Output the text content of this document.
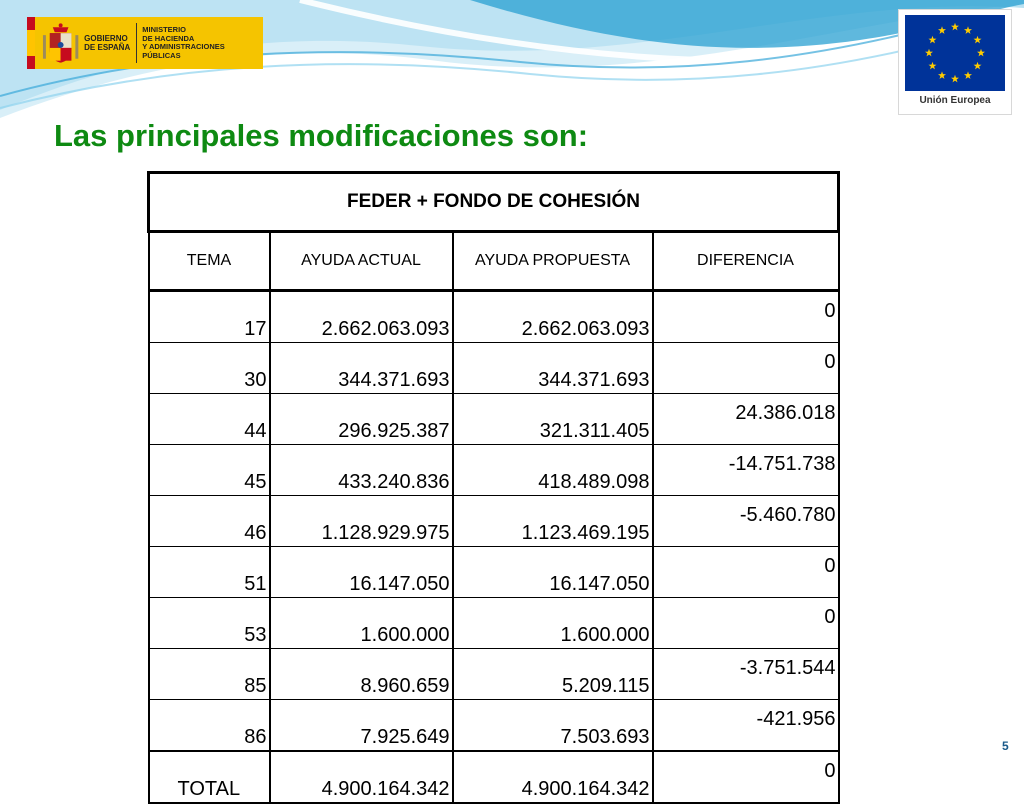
GOBIERNO
DE ESPAÑA
MINISTERIO
DE HACIENDA
Y ADMINISTRACIONES PÚBLICAS
Unión Europea
Las principales modificaciones son:
FEDER + FONDO DE COHESIÓN			
TEMA	AYUDA ACTUAL	AYUDA PROPUESTA	DIFERENCIA
17	2.662.063.093	2.662.063.093	0
30	344.371.693	344.371.693	0
44	296.925.387	321.311.405	24.386.018
45	433.240.836	418.489.098	-14.751.738
46	1.128.929.975	1.123.469.195	-5.460.780
51	16.147.050	16.147.050	0
53	1.600.000	1.600.000	0
85	8.960.659	5.209.115	-3.751.544
86	7.925.649	7.503.693	-421.956
TOTAL	4.900.164.342	4.900.164.342	0
5
